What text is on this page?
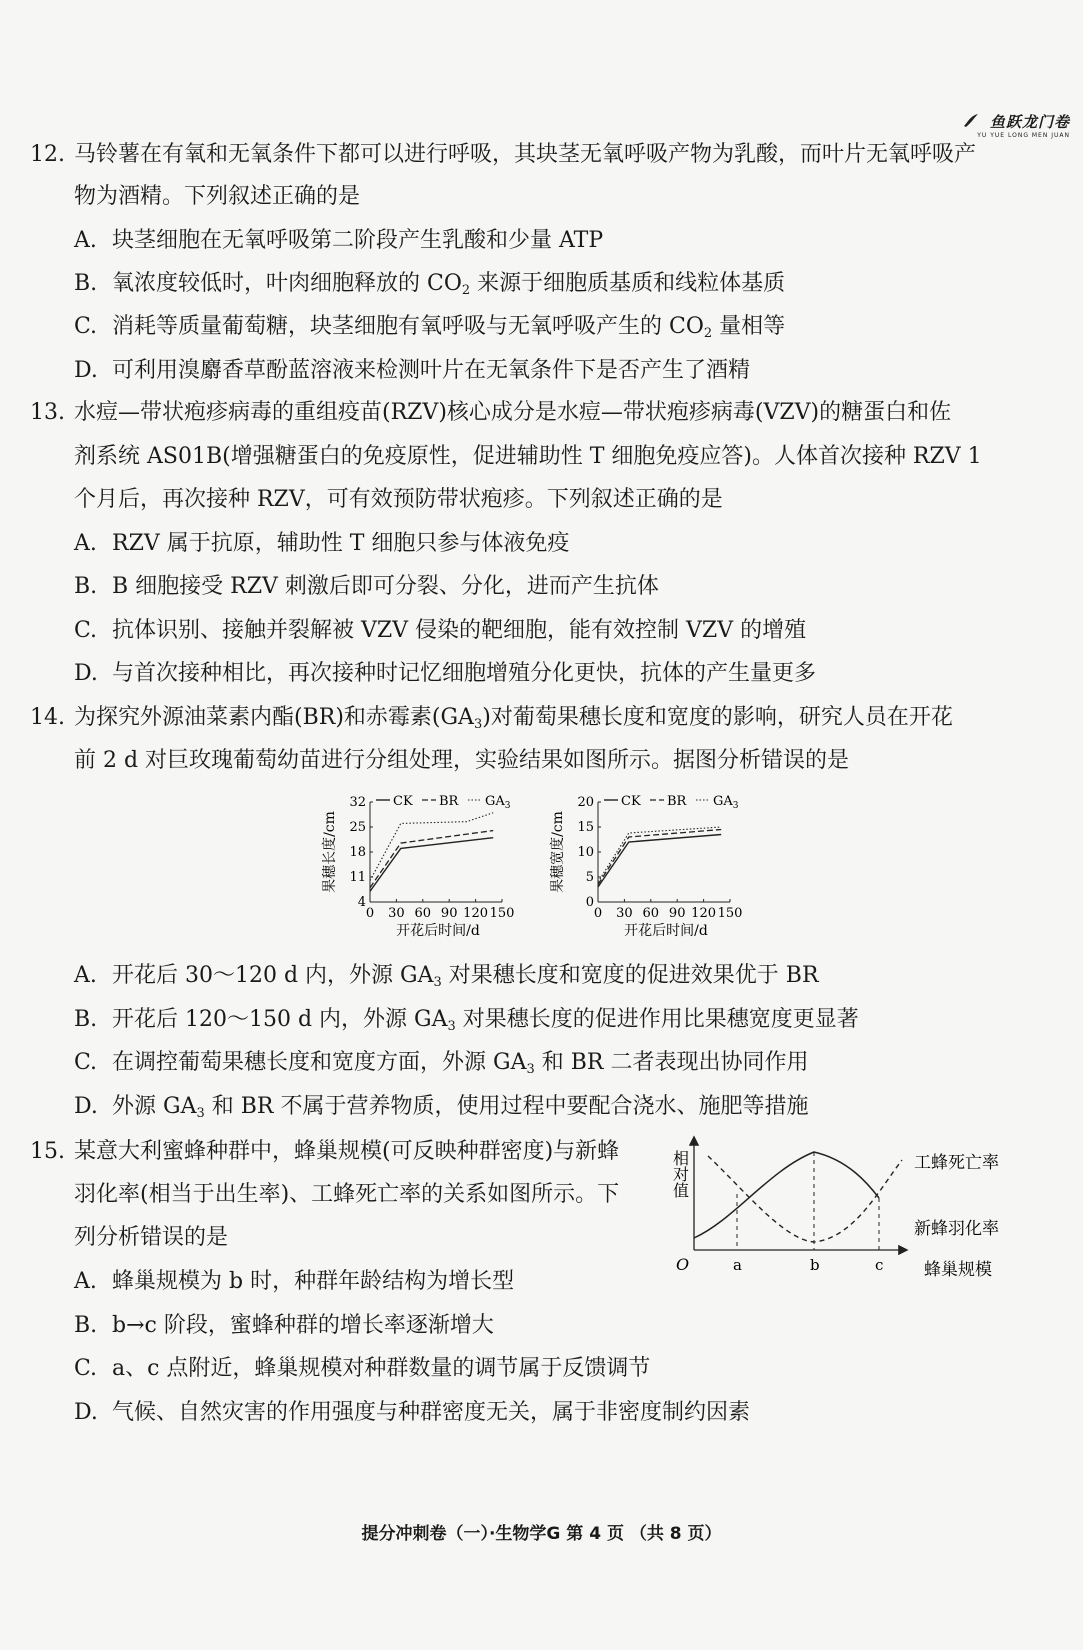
鱼跃龙门卷
YU YUE LONG MEN JUAN
12. 马铃薯在有氧和无氧条件下都可以进行呼吸，其块茎无氧呼吸产物为乳酸，而叶片无氧呼吸产
物为酒精。下列叙述正确的是
A. 块茎细胞在无氧呼吸第二阶段产生乳酸和少量 ATP
B. 氧浓度较低时，叶肉细胞释放的 $CO_2$ 来源于细胞质基质和线粒体基质
C. 消耗等质量葡萄糖，块茎细胞有氧呼吸与无氧呼吸产生的 $CO_2$ 量相等
D. 可利用溴麝香草酚蓝溶液来检测叶片在无氧条件下是否产生了酒精
13. 水痘—带状疱疹病毒的重组疫苗(RZV)核心成分是水痘—带状疱疹病毒(VZV)的糖蛋白和佐
剂系统 AS01B(增强糖蛋白的免疫原性，促进辅助性 T 细胞免疫应答)。人体首次接种 RZV 1
个月后，再次接种 RZV，可有效预防带状疱疹。下列叙述正确的是
A. RZV 属于抗原，辅助性 T 细胞只参与体液免疫
B. B 细胞接受 RZV 刺激后即可分裂、分化，进而产生抗体
C. 抗体识别、接触并裂解被 VZV 侵染的靶细胞，能有效控制 VZV 的增殖
D. 与首次接种相比，再次接种时记忆细胞增殖分化更快，抗体的产生量更多
14. 为探究外源油菜素内酯(BR)和赤霉素$(GA_3)$对葡萄果穗长度和宽度的影响，研究人员在开花
前 2 d 对巨玫瑰葡萄幼苗进行分组处理，实验结果如图所示。据图分析错误的是
0 30 60 90 120 150
4
11
18
25
32
果穗长度/cm
开花后时间/d
CK BR $GA_3$
0 30 60 90 120 150
0
5
10
15
20
果穗宽度/cm
开花后时间/d
CK BR $GA_3$
A. 开花后 30～120 d 内，外源 $GA_3$ 对果穗长度和宽度的促进效果优于 BR
B. 开花后 120～150 d 内，外源 $GA_3$ 对果穗长度的促进作用比果穗宽度更显著
C. 在调控葡萄果穗长度和宽度方面，外源 $GA_3$ 和 BR 二者表现出协同作用
D. 外源 $GA_3$ 和 BR 不属于营养物质，使用过程中要配合浇水、施肥等措施
15. 某意大利蜜蜂种群中，蜂巢规模(可反映种群密度)与新蜂
羽化率(相当于出生率)、工蜂死亡率的关系如图所示。下
列分析错误的是
A. 蜂巢规模为 b 时，种群年龄结构为增长型
B. b→c 阶段，蜜蜂种群的增长率逐渐增大
C. a、c 点附近，蜂巢规模对种群数量的调节属于反馈调节
D. 气候、自然灾害的作用强度与种群密度无关，属于非密度制约因素
相对值
O	a	b	c 蜂巢规模
工蜂死亡率
新蜂羽化率
提分冲刺卷（一）·生物学G 第 4 页 （共 8 页）
